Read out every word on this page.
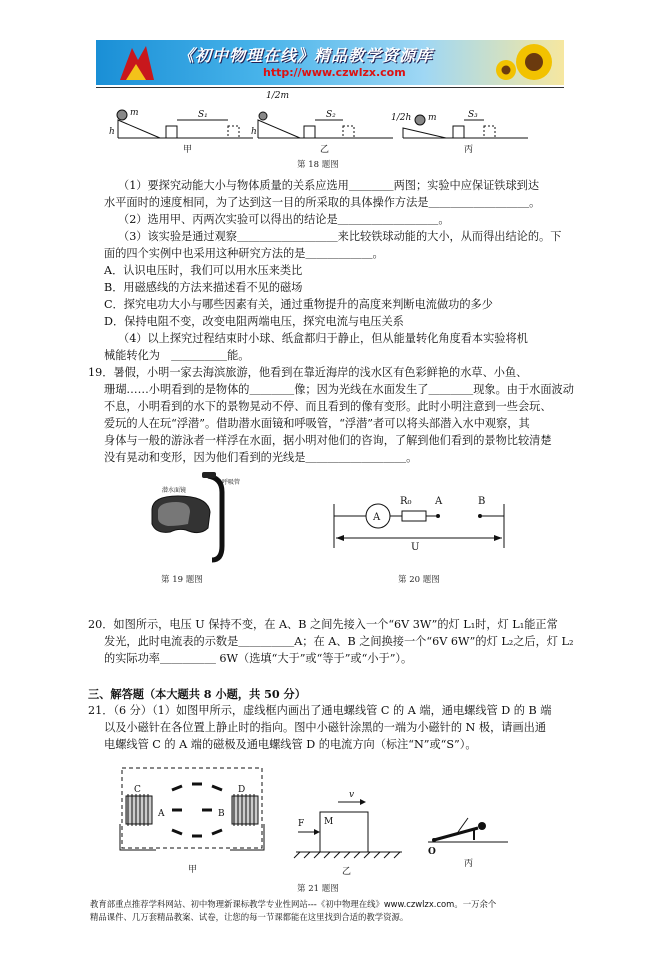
《初中物理在线》精品教学资源库
http://www.czwlzx.com
m
h
S₁
1/2m
h
S₂	1/2h m	S₃
甲	乙	丙
第 18 题图
（1）要探究动能大小与物体质量的关系应选用＿＿＿＿两图；实验中应保证铁球到达
水平面时的速度相同，为了达到这一目的所采取的具体操作方法是＿＿＿＿＿＿＿＿＿。
（2）选用甲、丙两次实验可以得出的结论是＿＿＿＿＿＿＿＿＿。
（3）该实验是通过观察＿＿＿＿＿＿＿＿＿来比较铁球动能的大小，从而得出结论的。下
面的四个实例中也采用这种研究方法的是＿＿＿＿＿＿。
A．认识电压时，我们可以用水压来类比
B．用磁感线的方法来描述看不见的磁场
C．探究电功大小与哪些因素有关，通过重物提升的高度来判断电流做功的多少
D．保持电阻不变，改变电阻两端电压，探究电流与电压关系
（4）以上探究过程结束时小球、纸盒都归于静止，但从能量转化角度看本实验将机
械能转化为　＿＿＿＿＿能。
19．暑假，小明一家去海滨旅游，他看到在靠近海岸的浅水区有色彩鲜艳的水草、小鱼、
珊瑚……小明看到的是物体的＿＿＿＿像；因为光线在水面发生了＿＿＿＿现象。由于水面波动
不息，小明看到的水下的景物晃动不停、而且看到的像有变形。此时小明注意到一些会玩、
爱玩的人在玩“浮潜”。借助潜水面镜和呼吸管，“浮潜”者可以将头部潜入水中观察，其
身体与一般的游泳者一样浮在水面，据小明对他们的咨询，了解到他们看到的景物比较清楚
没有晃动和变形，因为他们看到的光线是＿＿＿＿＿＿＿＿＿。
呼吸管
潜水面镜
第 19 题图
A
R₀ A	B
U
第 20 题图
20．如图所示，电压 U 保持不变，在 A、B 之间先接入一个“6V 3W”的灯 L₁时，灯 L₁能正常
发光，此时电流表的示数是＿＿＿＿＿A；在 A、B 之间换接一个“6V 6W”的灯 L₂之后，灯 L₂
的实际功率＿＿＿＿＿ 6W（选填“大于”或“等于”或“小于”）。
三、解答题（本大题共 8 小题，共 50 分）
21．（6 分）（1）如图甲所示，虚线框内画出了通电螺线管 C 的 A 端，通电螺线管 D 的 B 端
以及小磁针在各位置上静止时的指向。图中小磁针涂黑的一端为小磁针的 N 极，请画出通
电螺线管 C 的 A 端的磁极及通电螺线管 D 的电流方向（标注“N”或“S”）。
C
A
D
B
甲
M
F
v
乙
O
丙
第 21 题图
教育部重点推荐学科网站、初中物理新课标教学专业性网站---《初中物理在线》www.czwlzx.com。一万余个
精品课件、几万套精品教案、试卷，让您的每一节课都能在这里找到合适的教学资源。
